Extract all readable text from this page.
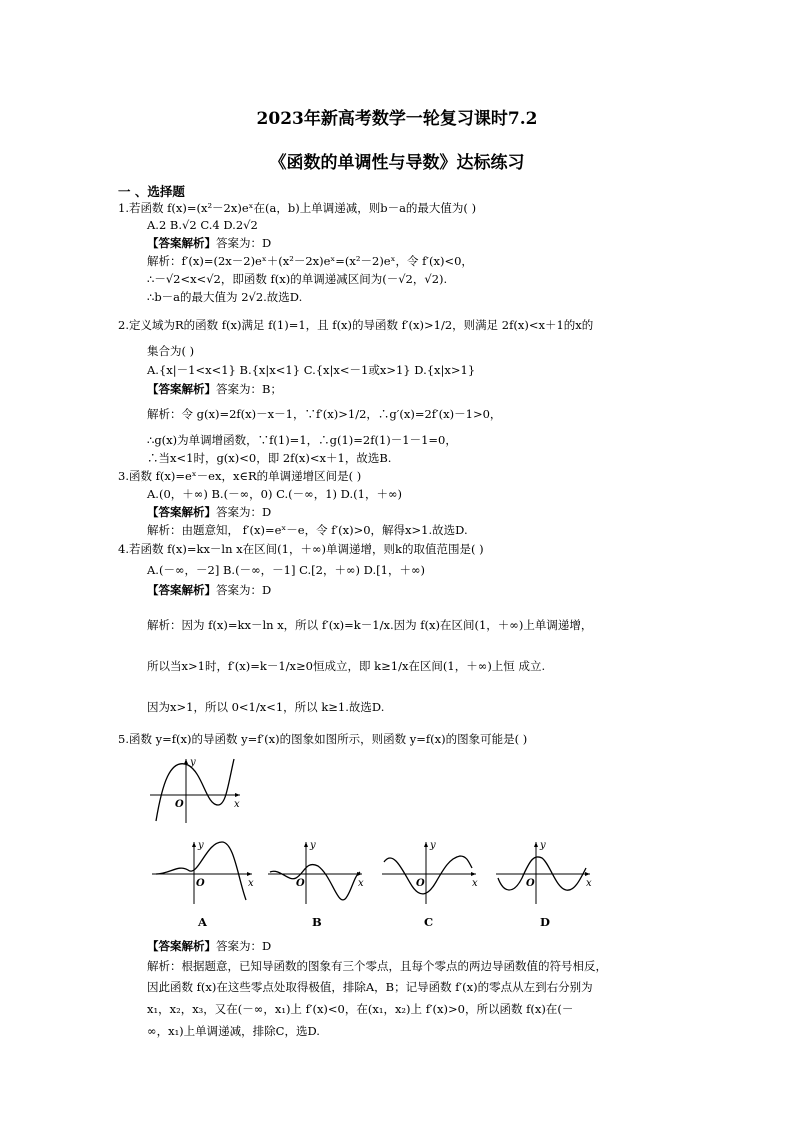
2023年新高考数学一轮复习课时7.2
《函数的单调性与导数》达标练习
一 、选择题
1.若函数 f(x)=(x²－2x)eˣ在(a，b)上单调递减，则b－a的最大值为( )
A.2 B.√2 C.4 D.2√2
【答案解析】答案为：D
解析：f′(x)=(2x－2)eˣ＋(x²－2x)eˣ=(x²－2)eˣ，令 f′(x)<0，
∴－√2<x<√2，即函数 f(x)的单调递减区间为(－√2，√2).
∴b－a的最大值为 2√2.故选D.
2.定义域为R的函数 f(x)满足 f(1)=1，且 f(x)的导函数 f′(x)>1/2，则满足 2f(x)<x＋1的x的
集合为( )
A.{x|－1<x<1} B.{x|x<1} C.{x|x<－1或x>1} D.{x|x>1}
【答案解析】答案为：B；
解析：令 g(x)=2f(x)－x－1，∵f′(x)>1/2，∴g′(x)=2f′(x)－1>0，
∴g(x)为单调增函数，∵f(1)=1，∴g(1)=2f(1)－1－1=0，
∴当x<1时，g(x)<0，即 2f(x)<x＋1，故选B.
3.函数 f(x)=eˣ－ex，x∈R的单调递增区间是( )
A.(0，＋∞) B.(－∞，0) C.(－∞，1) D.(1，＋∞)
【答案解析】答案为：D
解析：由题意知， f′(x)=eˣ－e，令 f′(x)>0，解得x>1.故选D.
4.若函数 f(x)=kx－ln x在区间(1，＋∞)单调递增，则k的取值范围是( )
A.(－∞，－2] B.(－∞，－1] C.[2，＋∞) D.[1，＋∞)
【答案解析】答案为：D
解析：因为 f(x)=kx－ln x，所以 f′(x)=k－1/x.因为 f(x)在区间(1，＋∞)上单调递增，
所以当x>1时，f′(x)=k－1/x≥0恒成立，即 k≥1/x在区间(1，＋∞)上恒 成立.
因为x>1，所以 0<1/x<1，所以 k≥1.故选D.
5.函数 y=f(x)的导函数 y=f′(x)的图象如图所示，则函数 y=f(x)的图象可能是( )
O	x
y
O	x
y
O	x
y
O	x
y
O	x
y
A	B	C	D
【答案解析】答案为：D
解析：根据题意，已知导函数的图象有三个零点，且每个零点的两边导函数值的符号相反，
因此函数 f(x)在这些零点处取得极值，排除A，B；记导函数 f′(x)的零点从左到右分别为
x₁，x₂，x₃，又在(－∞，x₁)上 f′(x)<0，在(x₁，x₂)上 f′(x)>0，所以函数 f(x)在(－
∞，x₁)上单调递减，排除C，选D.
